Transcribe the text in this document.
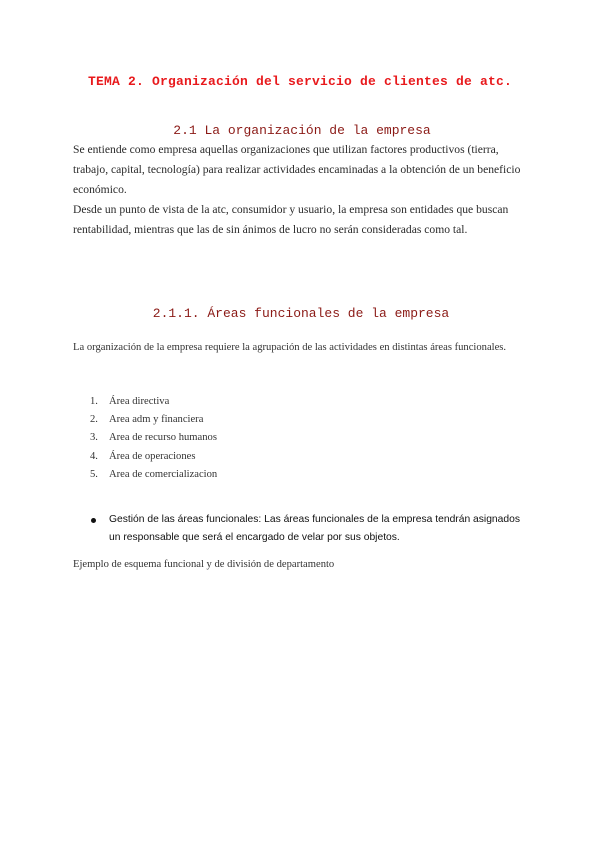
TEMA 2. Organización del servicio de clientes de atc.
2.1 La organización de la empresa

Se entiende como empresa aquellas organizaciones que utilizan factores productivos (tierra, trabajo, capital, tecnología) para realizar actividades encaminadas a la obtención de un beneficio económico.

Desde un punto de vista de la atc, consumidor y usuario, la empresa son entidades que buscan rentabilidad, mientras que las de sin ánimos de lucro no serán consideradas como tal.

2.1.1. Áreas funcionales de la empresa

La organización de la empresa requiere la agrupación de las actividades en distintas áreas funcionales.

1. Área directiva
2. Area adm y financiera
3. Area de recurso humanos
4. Área de operaciones
5. Area de comercializacion
Gestión de las áreas funcionales: Las áreas funcionales de la empresa tendrán asignados un responsable que será el encargado de velar por sus objetos.

Ejemplo de esquema funcional y de división de departamento
